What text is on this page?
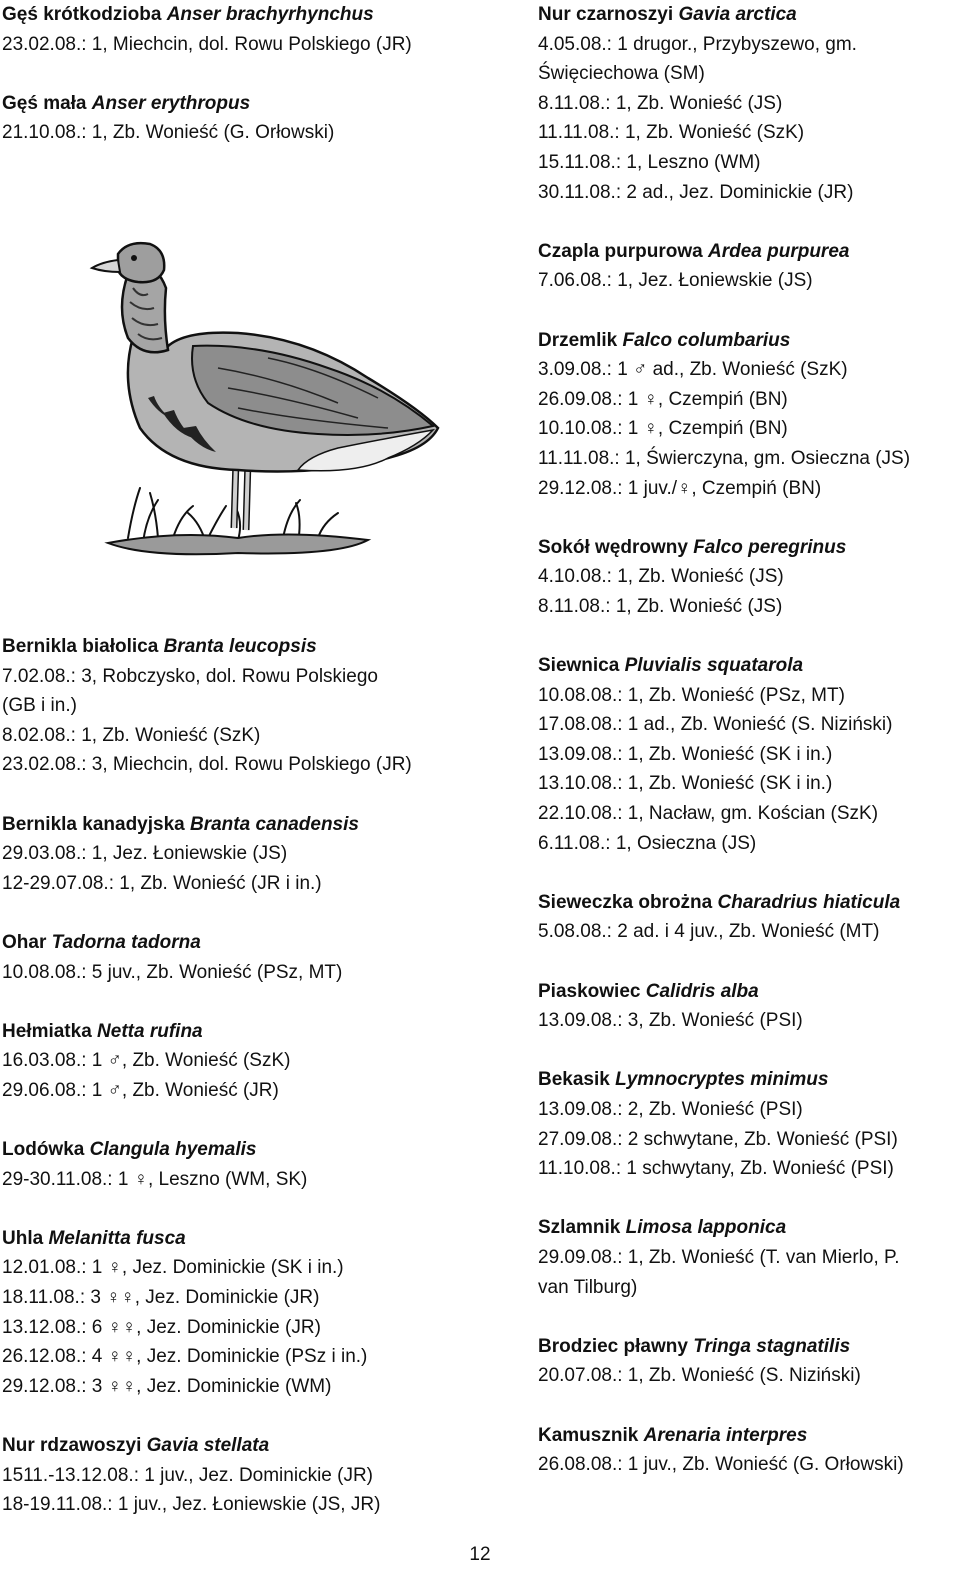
Gęś krótkodzioba Anser brachyrhynchus

23.02.08.: 1, Miechcin, dol. Rowu Polskiego (JR)

Gęś mała Anser erythropus

21.10.08.: 1, Zb. Wonieść (G. Orłowski)

Bernikla białolica Branta leucopsis

7.02.08.: 3, Robczysko, dol. Rowu Polskiego

(GB i in.)

8.02.08.: 1, Zb. Wonieść (SzK)

23.02.08.: 3, Miechcin, dol. Rowu Polskiego (JR)

Bernikla kanadyjska Branta canadensis

29.03.08.: 1, Jez. Łoniewskie (JS)

12-29.07.08.: 1, Zb. Wonieść (JR i in.)

Ohar Tadorna tadorna

10.08.08.: 5 juv., Zb. Wonieść (PSz, MT)

Hełmiatka Netta rufina

16.03.08.: 1 ♂, Zb. Wonieść (SzK)

29.06.08.: 1 ♂, Zb. Wonieść (JR)

Lodówka Clangula hyemalis

29-30.11.08.: 1 ♀, Leszno (WM, SK)

Uhla Melanitta fusca

12.01.08.: 1 ♀, Jez. Dominickie (SK i in.)

18.11.08.: 3 ♀♀, Jez. Dominickie (JR)

13.12.08.: 6 ♀♀, Jez. Dominickie (JR)

26.12.08.: 4 ♀♀, Jez. Dominickie (PSz i in.)

29.12.08.: 3 ♀♀, Jez. Dominickie (WM)

Nur rdzawoszyi Gavia stellata

1511.-13.12.08.: 1 juv., Jez. Dominickie (JR)

18-19.11.08.: 1 juv., Jez. Łoniewskie (JS, JR)

Nur czarnoszyi Gavia arctica

4.05.08.: 1 drugor., Przybyszewo, gm.

Święciechowa (SM)

8.11.08.: 1, Zb. Wonieść (JS)

11.11.08.: 1, Zb. Wonieść (SzK)

15.11.08.: 1, Leszno (WM)

30.11.08.: 2 ad., Jez. Dominickie (JR)

Czapla purpurowa Ardea purpurea

7.06.08.: 1, Jez. Łoniewskie (JS)

Drzemlik Falco columbarius

3.09.08.: 1 ♂ ad., Zb. Wonieść (SzK)

26.09.08.: 1 ♀, Czempiń (BN)

10.10.08.: 1 ♀, Czempiń (BN)

11.11.08.: 1, Świerczyna, gm. Osieczna (JS)

29.12.08.: 1 juv./♀, Czempiń (BN)

Sokół wędrowny Falco peregrinus

4.10.08.: 1, Zb. Wonieść (JS)

8.11.08.: 1, Zb. Wonieść (JS)

Siewnica Pluvialis squatarola

10.08.08.: 1, Zb. Wonieść (PSz, MT)

17.08.08.: 1 ad., Zb. Wonieść (S. Niziński)

13.09.08.: 1, Zb. Wonieść (SK i in.)

13.10.08.: 1, Zb. Wonieść (SK i in.)

22.10.08.: 1, Nacław, gm. Kościan (SzK)

6.11.08.: 1, Osieczna (JS)

Sieweczka obrożna Charadrius hiaticula

5.08.08.: 2 ad. i 4 juv., Zb. Wonieść (MT)

Piaskowiec Calidris alba

13.09.08.: 3, Zb. Wonieść (PSI)

Bekasik Lymnocryptes minimus

13.09.08.: 2, Zb. Wonieść (PSI)

27.09.08.: 2 schwytane, Zb. Wonieść (PSI)

11.10.08.: 1 schwytany, Zb. Wonieść (PSI)

Szlamnik Limosa lapponica

29.09.08.: 1, Zb. Wonieść (T. van Mierlo, P.

van Tilburg)

Brodziec pławny Tringa stagnatilis

20.07.08.: 1, Zb. Wonieść (S. Niziński)

Kamusznik Arenaria interpres

26.08.08.: 1 juv., Zb. Wonieść (G. Orłowski)

12
